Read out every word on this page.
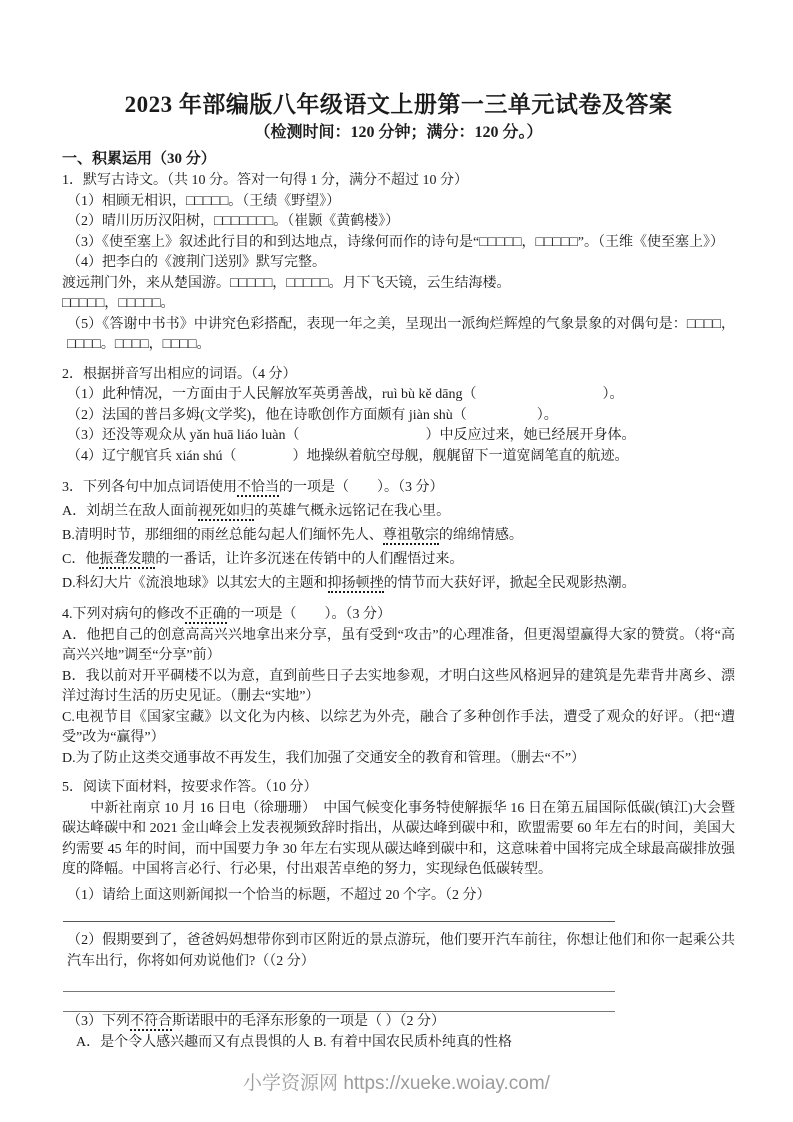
2023 年部编版八年级语文上册第一三单元试卷及答案
（检测时间：120 分钟；满分：120 分。）
一、积累运用（30 分）

1．默写古诗文。（共 10 分。答对一句得 1 分，满分不超过 10 分）

（1）相顾无相识，□□□□□。（王绩《野望》）

（2）晴川历历汉阳树，□□□□□□□。（崔颢《黄鹤楼》）

（3）《使至塞上》叙述此行目的和到达地点，诗缘何而作的诗句是“□□□□□，□□□□□”。（王维《使至塞上》）

（4）把李白的《渡荆门送别》默写完整。

渡远荆门外，来从楚国游。□□□□□，□□□□□。月下飞天镜，云生结海楼。

□□□□□，□□□□□。

（5）《答谢中书书》中讲究色彩搭配，表现一年之美，呈现出一派绚烂辉煌的气象景象的对偶句是：□□□□，□□□□。□□□□，□□□□。

2．根据拼音写出相应的词语。（4 分）

（1）此种情况，一方面由于人民解放军英勇善战，ruì bù kě dāng（　　　　　　　　　）。

（2）法国的普吕多姆(文学奖)，他在诗歌创作方面颇有 jiàn shù（　　　　　）。

（3）还没等观众从 yǎn huā liáo luàn（　　　　　　　　　）中反应过来，她已经展开身体。

（4）辽宁舰官兵 xián shú（　　　　）地操纵着航空母舰，舰艉留下一道宽阔笔直的航迹。

3．下列各句中加点词语使用不恰当的一项是（　　）。（3 分）

A．刘胡兰在敌人面前视死如归的英雄气概永远铭记在我心里。

B.清明时节，那细细的雨丝总能勾起人们缅怀先人、尊祖敬宗的绵绵情感。

C．他振聋发聩的一番话，让许多沉迷在传销中的人们醒悟过来。

D.科幻大片《流浪地球》以其宏大的主题和抑扬顿挫的情节而大获好评，掀起全民观影热潮。

4.下列对病句的修改不正确的一项是（　　）。（3 分）

A．他把自己的创意高高兴兴地拿出来分享，虽有受到“攻击”的心理准备，但更渴望赢得大家的赞赏。（将“高高兴兴地”调至“分享”前）

B．我以前对开平碉楼不以为意，直到前些日子去实地参观，才明白这些风格迥异的建筑是先辈背井离乡、漂洋过海讨生活的历史见证。（删去“实地”）

C.电视节目《国家宝藏》以文化为内核、以综艺为外壳，融合了多种创作手法，遭受了观众的好评。（把“遭受”改为“赢得”）

D.为了防止这类交通事故不再发生，我们加强了交通安全的教育和管理。（删去“不”）

5．阅读下面材料，按要求作答。（10 分）

　　中新社南京 10 月 16 日电（徐珊珊）　中国气候变化事务特使解振华 16 日在第五届国际低碳(镇江)大会暨碳达峰碳中和 2021 金山峰会上发表视频致辞时指出，从碳达峰到碳中和，欧盟需要 60 年左右的时间，美国大约需要 45 年的时间，而中国要力争 30 年左右实现从碳达峰到碳中和，这意味着中国将完成全球最高碳排放强度的降幅。中国将言必行、行必果，付出艰苦卓绝的努力，实现绿色低碳转型。

（1）请给上面这则新闻拟一个恰当的标题，不超过 20 个字。（2 分）

（2）假期要到了，爸爸妈妈想带你到市区附近的景点游玩，他们要开汽车前往，你想让他们和你一起乘公共汽车出行，你将如何劝说他们?（（2 分）

（3）下列不符合斯诺眼中的毛泽东形象的一项是（ ）（2 分）

A．是个令人感兴趣而又有点畏惧的人 B. 有着中国农民质朴纯真的性格

小学资源网 https://xueke.woiay.com/
